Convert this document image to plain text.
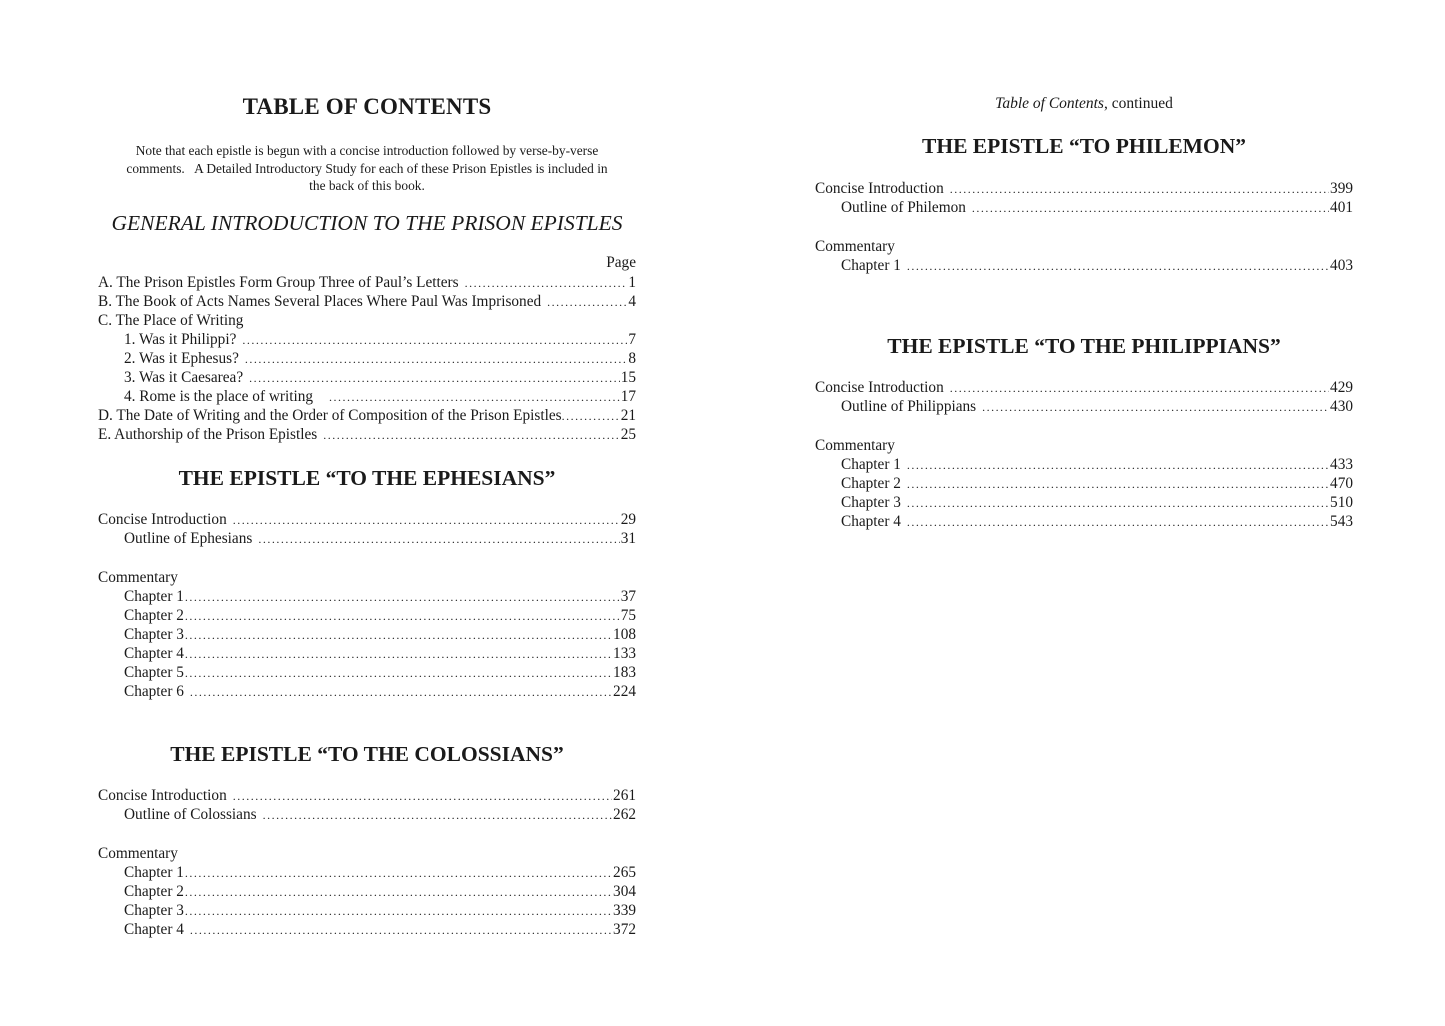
TABLE OF CONTENTS
Note that each epistle is begun with a concise introduction followed by verse-by-verse
comments.   A Detailed Introductory Study for each of these Prison Epistles is included in
the back of this book.
GENERAL INTRODUCTION TO THE PRISON EPISTLES
Page
A. The Prison Epistles Form Group Three of Paul’s Letters .....	1
B. The Book of Acts Names Several Places Where Paul Was Imprisoned .....	4
C. The Place of Writing
1. Was it Philippi? .....	7
2. Was it Ephesus? .....	8
3. Was it Caesarea? .....	15
4. Rome is the place of writing .....	17
D. The Date of Writing and the Order of Composition of the Prison Epistles .....	21
E. Authorship of the Prison Epistles .....	25
THE EPISTLE “TO THE EPHESIANS”
Concise Introduction .....	29
Outline of Ephesians .....	31
Commentary
Chapter 1 .....	37
Chapter 2 .....	75
Chapter 3 .....	108
Chapter 4 .....	133
Chapter 5 .....	183
Chapter 6 .....	224
THE EPISTLE “TO THE COLOSSIANS”
Concise Introduction .....	261
Outline of Colossians .....	262
Commentary
Chapter 1 .....	265
Chapter 2 .....	304
Chapter 3 .....	339
Chapter 4 .....	372
Table of Contents, continued
THE EPISTLE “TO PHILEMON”
Concise Introduction .....	399
Outline of Philemon .....	401
Commentary
Chapter 1 .....	403
THE EPISTLE “TO THE PHILIPPIANS”
Concise Introduction .....	429
Outline of Philippians .....	430
Commentary
Chapter 1 .....	433
Chapter 2 .....	470
Chapter 3 .....	510
Chapter 4 .....	543
